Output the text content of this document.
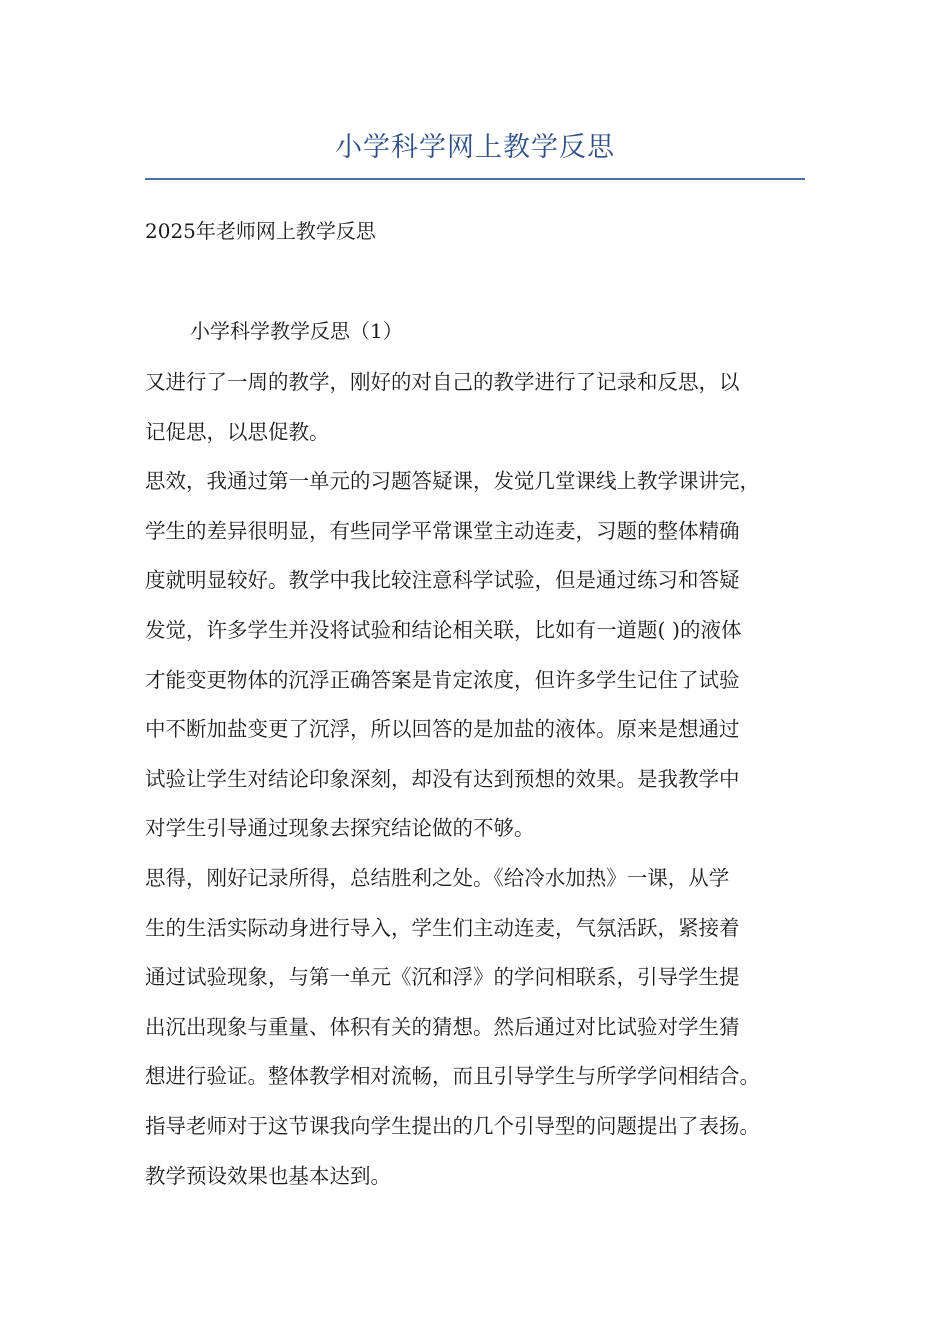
小学科学网上教学反思
2025年老师网上教学反思
小学科学教学反思（1）
又进行了一周的教学，刚好的对自己的教学进行了记录和反思，以
记促思，以思促教。
思效，我通过第一单元的习题答疑课，发觉几堂课线上教学课讲完，
学生的差异很明显，有些同学平常课堂主动连麦，习题的整体精确
度就明显较好。教学中我比较注意科学试验，但是通过练习和答疑
发觉，许多学生并没将试验和结论相关联，比如有一道题( )的液体
才能变更物体的沉浮正确答案是肯定浓度，但许多学生记住了试验
中不断加盐变更了沉浮，所以回答的是加盐的液体。原来是想通过
试验让学生对结论印象深刻，却没有达到预想的效果。是我教学中
对学生引导通过现象去探究结论做的不够。
思得，刚好记录所得，总结胜利之处。《给冷水加热》一课，从学
生的生活实际动身进行导入，学生们主动连麦，气氛活跃，紧接着
通过试验现象，与第一单元《沉和浮》的学问相联系，引导学生提
出沉出现象与重量、体积有关的猜想。然后通过对比试验对学生猜
想进行验证。整体教学相对流畅，而且引导学生与所学学问相结合。
指导老师对于这节课我向学生提出的几个引导型的问题提出了表扬。
教学预设效果也基本达到。
